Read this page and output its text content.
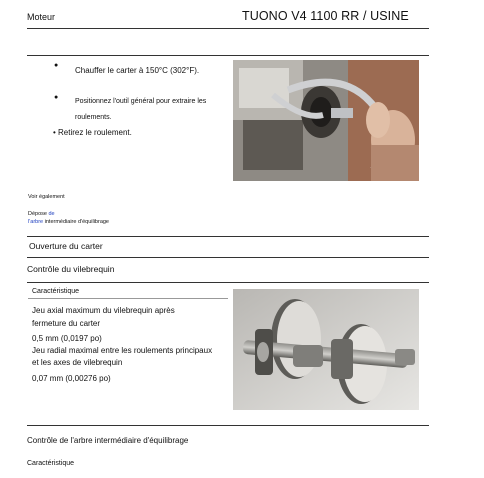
Moteur	TUONO V4 1100 RR / USINE
●
Chauffer le carter à 150°C (302°F).
●
Positionnez l'outil général pour extraire les
roulements.
• Retirez le roulement.
Voir également
Dépose de
l'arbre intermédiaire d'équilibrage
Ouverture du carter
Contrôle du vilebrequin
Caractéristique
Jeu axial maximum du vilebrequin après
fermeture du carter
0,5 mm (0,0197 po)
Jeu radial maximal entre les roulements principaux
et les axes de vilebrequin
0,07 mm (0,00276 po)
Contrôle de l'arbre intermédiaire d'équilibrage
Caractéristique
